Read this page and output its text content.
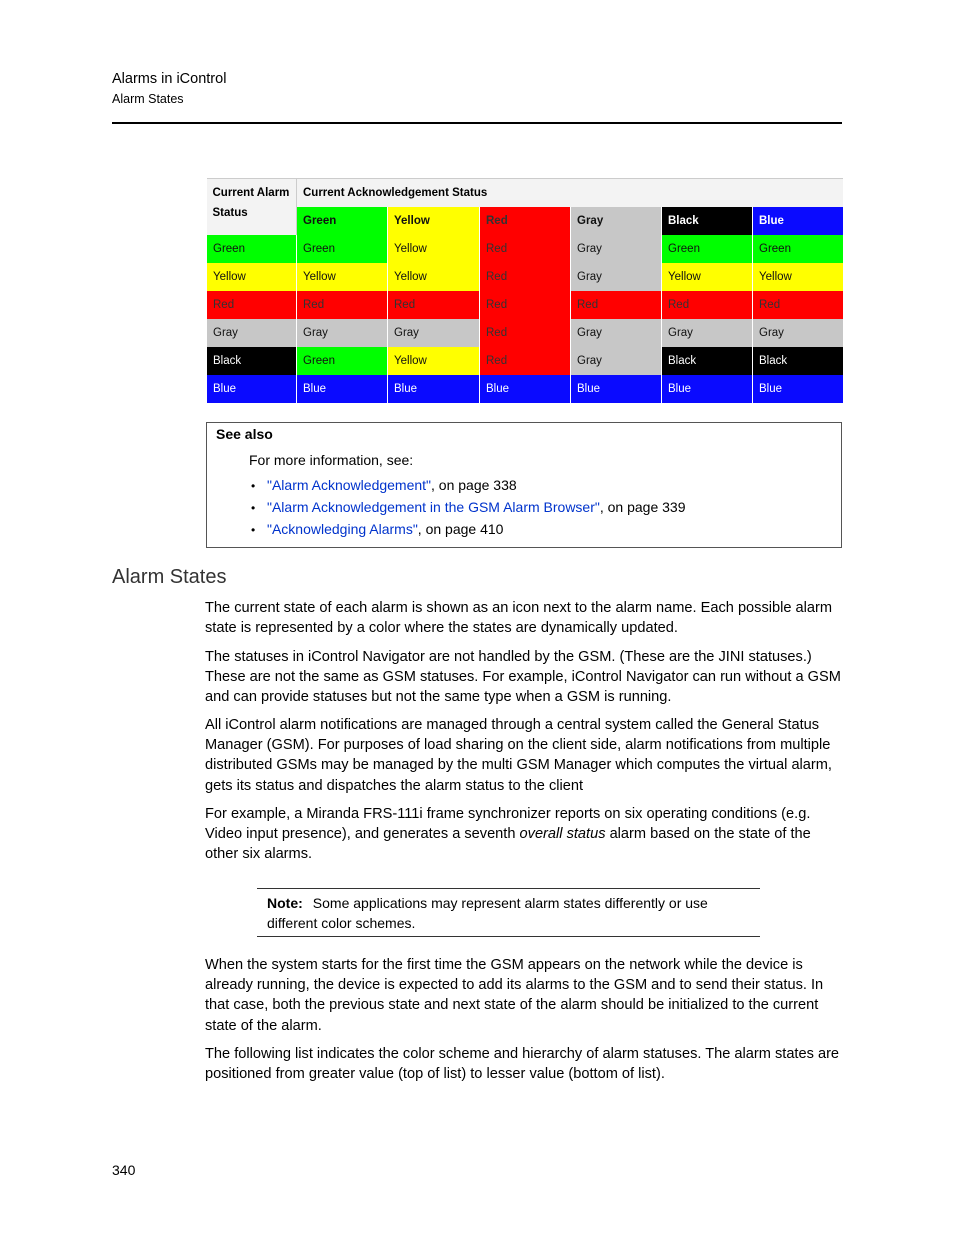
Alarms in iControl
Alarm States
Current Alarm
Status	Current Acknowledgement Status					
	Green	Yellow	Red	Gray	Black	Blue
Green	Green	Yellow	Red	Gray	Green	Green
Yellow	Yellow	Yellow	Red	Gray	Yellow	Yellow
Red	Red	Red	Red	Red	Red	Red
Gray	Gray	Gray	Red	Gray	Gray	Gray
Black	Green	Yellow	Red	Gray	Black	Black
Blue	Blue	Blue	Blue	Blue	Blue	Blue
See also
For more information, see:
• "Alarm Acknowledgement", on page 338
• "Alarm Acknowledgement in the GSM Alarm Browser", on page 339
• "Acknowledging Alarms", on page 410
Alarm States

The current state of each alarm is shown as an icon next to the alarm name. Each possible alarm state is represented by a color where the states are dynamically updated.

The statuses in iControl Navigator are not handled by the GSM. (These are the JINI statuses.) These are not the same as GSM statuses. For example, iControl Navigator can run without a GSM and can provide statuses but not the same type when a GSM is running.

All iControl alarm notifications are managed through a central system called the General Status Manager (GSM). For purposes of load sharing on the client side, alarm notifications from multiple distributed GSMs may be managed by the multi GSM Manager which computes the virtual alarm, gets its status and dispatches the alarm status to the client

For example, a Miranda FRS-111i frame synchronizer reports on six operating conditions (e.g. Video input presence), and generates a seventh overall status alarm based on the state of the other six alarms.

Note: Some applications may represent alarm states differently or use different color schemes.

When the system starts for the first time the GSM appears on the network while the device is already running, the device is expected to add its alarms to the GSM and to send their status. In that case, both the previous state and next state of the alarm should be initialized to the current state of the alarm.

The following list indicates the color scheme and hierarchy of alarm statuses. The alarm states are positioned from greater value (top of list) to lesser value (bottom of list).

340
